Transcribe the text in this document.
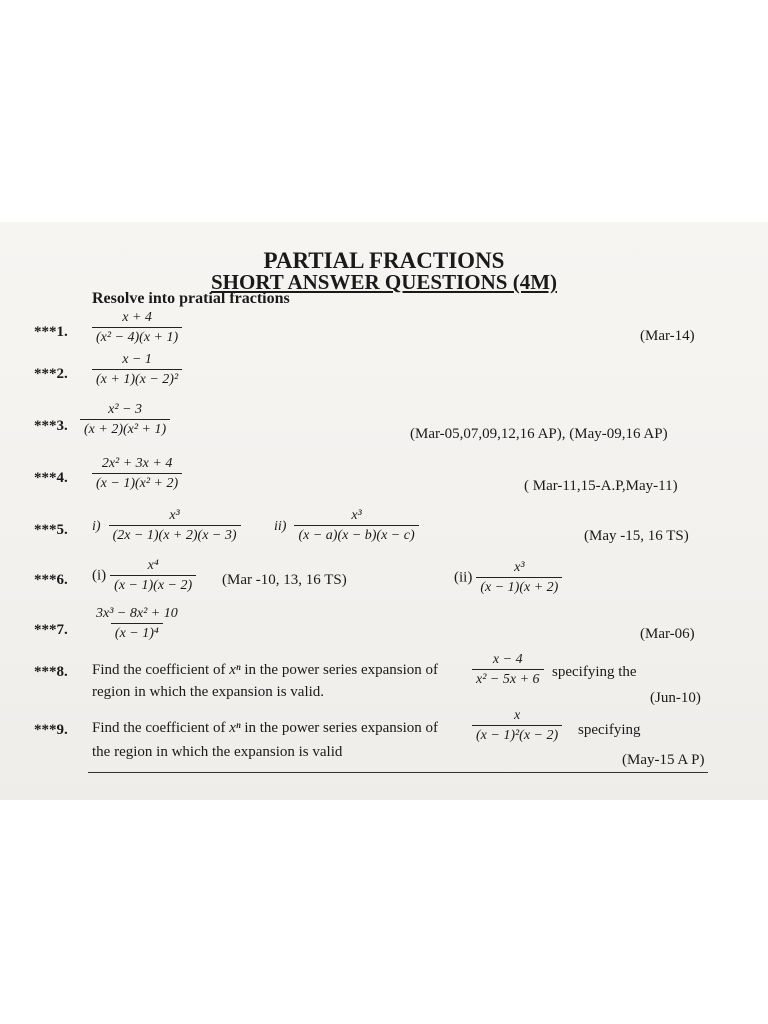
PARTIAL FRACTIONS
SHORT ANSWER QUESTIONS (4M)
Resolve into pratial fractions
***1. $\frac{x + 4}{\text{(x² − 4)(x + 1)}}$	(Mar-14)
***2. $\frac{x - 1}{\text{(x + 1)(x − 2)²}}$
***3. $\frac{\text{x² − 3}}{\text{(x + 2)(x² + 1)}}$	(Mar-05,07,09,12,16 AP), (May-09,16 AP)
***4. $\frac{\text{2x² + 3x + 4}}{\text{(x − 1)(x² + 2)}}$	( Mar-11,15-A.P,May-11)
***5. $i) \frac{\text{x³}}{(2x - 1)(x + 2)(x - 3)} ii) \frac{\text{x³}}{(x - a)(x - b)(x - c)}$	(May -15, 16 TS)
***6. $(i) \frac{\text{x⁴}}{(x - 1)(x - 2)} (Mar$ -10, 13, 16 TS)	$(ii) \frac{\text{x³}}{(x - 1)(x + 2)}$
***7. $\frac{\text{3x³ − 8x² + 10}}{\text{(x − 1)⁴}}$	(Mar-06)
***8. Find the coefficient of xⁿ in the power series expansion of $\frac{x - 4}{\text{x² − 5x + 6}}$ specifying the
region in which the expansion is valid.	(Jun-10)
***9. Find the coefficient of xⁿ in the power series expansion of $\frac{x}{\text{(x − 1)²(x − 2)}}$ specifying
the region in which the expansion is valid	(May-15 A P)
